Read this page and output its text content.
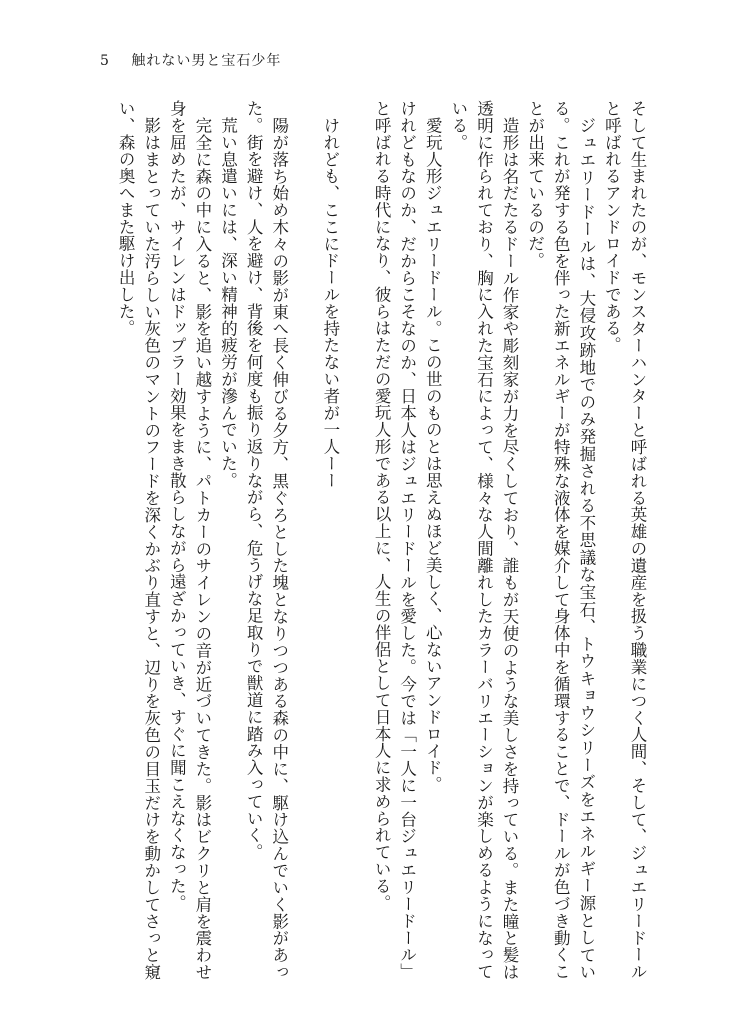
5 触れない男と宝石少年

そして生まれたのが、モンスターハンターと呼ばれる英雄の遺産を扱う職業につく人間、そして、ジュエリードールと呼ばれるアンドロイドである。

ジュエリードールは、大侵攻跡地でのみ発掘される不思議な宝石、トウキョウシリーズをエネルギー源としている。これが発する色を伴った新エネルギーが特殊な液体を媒介して身体中を循環することで、ドールが色づき動くことが出来ているのだ。

造形は名だたるドール作家や彫刻家が力を尽くしており、誰もが天使のような美しさを持っている。また瞳と髪は透明に作られており、胸に入れた宝石によって、様々な人間離れしたカラーバリエーションが楽しめるようになっている。

愛玩人形ジュエリードール。この世のものとは思えぬほど美しく、心ないアンドロイド。

けれどもなのか、だからこそなのか、日本人はジュエリードールを愛した。今では「一人に一台ジュエリードール」と呼ばれる時代になり、彼らはただの愛玩人形である以上に、人生の伴侶として日本人に求められている。

けれども、ここにドールを持たない者が一人ーー

陽が落ち始め木々の影が東へ長く伸びる夕方、黒ぐろとした塊となりつつある森の中に、駆け込んでいく影があった。街を避け、人を避け、背後を何度も振り返りながら、危うげな足取りで獣道に踏み入っていく。

荒い息遣いには、深い精神的疲労が滲んでいた。

完全に森の中に入ると、影を追い越すように、パトカーのサイレンの音が近づいてきた。影はビクリと肩を震わせ身を屈めたが、サイレンはドップラー効果をまき散らしながら遠ざかっていき、すぐに聞こえなくなった。

影はまとっていた汚らしい灰色のマントのフードを深くかぶり直すと、辺りを灰色の目玉だけを動かしてさっと窺い、森の奥へまた駆け出した。
